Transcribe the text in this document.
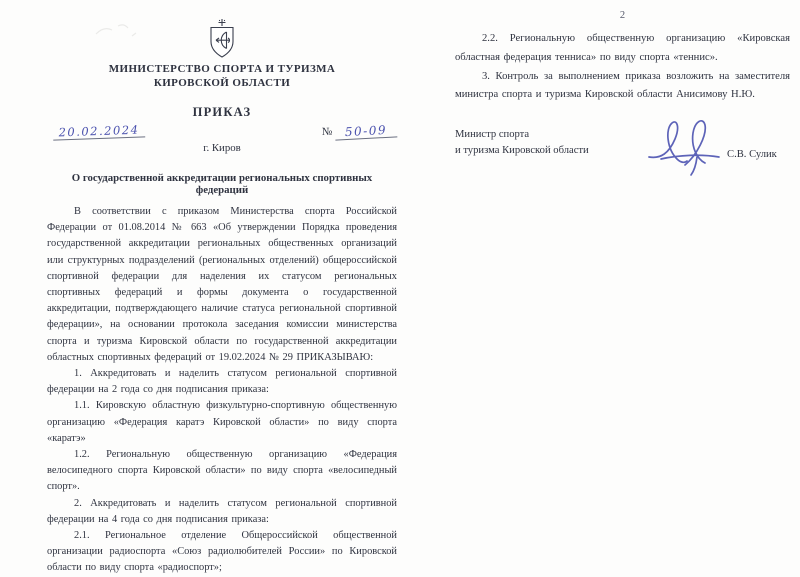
МИНИСТЕРСТВО СПОРТА И ТУРИЗМА
КИРОВСКОЙ ОБЛАСТИ
ПРИКАЗ
20.02.2024	№ 50-09
г. Киров
О государственной аккредитации региональных спортивных федераций

В соответствии с приказом Министерства спорта Российской Федерации от 01.08.2014 № 663 «Об утверждении Порядка проведения государственной аккредитации региональных общественных организаций или структурных подразделений (региональных отделений) общероссийской спортивной федерации для наделения их статусом региональных спортивных федераций и формы документа о государственной аккредитации, подтверждающего наличие статуса региональной спортивной федерации», на основании протокола заседания комиссии министерства спорта и туризма Кировской области по государственной аккредитации областных спортивных федераций от 19.02.2024 № 29 ПРИКАЗЫВАЮ:

1. Аккредитовать и наделить статусом региональной спортивной федерации на 2 года со дня подписания приказа:

1.1. Кировскую областную физкультурно-спортивную общественную организацию «Федерация каратэ Кировской области» по виду спорта «каратэ»

1.2. Региональную общественную организацию «Федерация велосипедного спорта Кировской области» по виду спорта «велосипедный спорт».

2. Аккредитовать и наделить статусом региональной спортивной федерации на 4 года со дня подписания приказа:

2.1. Региональное отделение Общероссийской общественной организации радиоспорта «Союз радиолюбителей России» по Кировской области по виду спорта «радиоспорт»;

2

2.2. Региональную общественную организацию «Кировская областная федерация тенниса» по виду спорта «теннис».

3. Контроль за выполнением приказа возложить на заместителя министра спорта и туризма Кировской области Анисимову Н.Ю.

Министр спорта
и туризма Кировской области	С.В. Сулик
